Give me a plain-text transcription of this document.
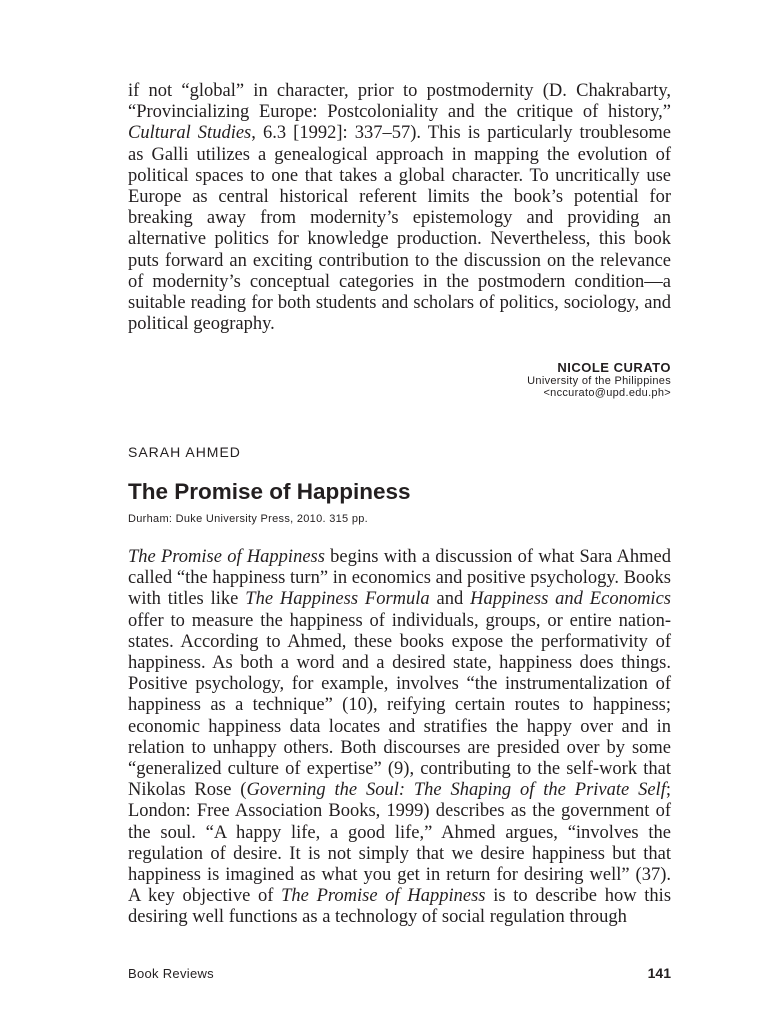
if not “global” in character, prior to postmodernity (D. Chakrabarty, “Provincializing Europe: Postcoloniality and the critique of history,” Cultural Studies, 6.3 [1992]: 337–57). This is particularly troublesome as Galli utilizes a genealogical approach in mapping the evolution of political spaces to one that takes a global character. To uncritically use Europe as central historical referent limits the book’s potential for breaking away from modernity’s epistemology and providing an alternative politics for knowledge production. Nevertheless, this book puts forward an exciting contribution to the discussion on the relevance of modernity’s conceptual categories in the postmodern condition—a suitable reading for both students and scholars of politics, sociology, and political geography.

NICOLE CURATO
University of the Philippines
<nccurato@upd.edu.ph>
SARAH AHMED
The Promise of Happiness
Durham: Duke University Press, 2010. 315 pp.

The Promise of Happiness begins with a discussion of what Sara Ahmed called “the happiness turn” in economics and positive psychology. Books with titles like The Happiness Formula and Happiness and Economics offer to measure the happiness of individuals, groups, or entire nation-states. According to Ahmed, these books expose the performativity of happiness. As both a word and a desired state, happiness does things. Positive psychology, for example, involves “the instrumentalization of happiness as a technique” (10), reifying certain routes to happiness; economic happiness data locates and stratifies the happy over and in relation to unhappy others. Both discourses are presided over by some “generalized culture of expertise” (9), contributing to the self-work that Nikolas Rose (Governing the Soul: The Shaping of the Private Self; London: Free Association Books, 1999) describes as the government of the soul. “A happy life, a good life,” Ahmed argues, “involves the regulation of desire. It is not simply that we desire happiness but that happiness is imagined as what you get in return for desiring well” (37). A key objective of The Promise of Happiness is to describe how this desiring well functions as a technology of social regulation through

Book Reviews	141
